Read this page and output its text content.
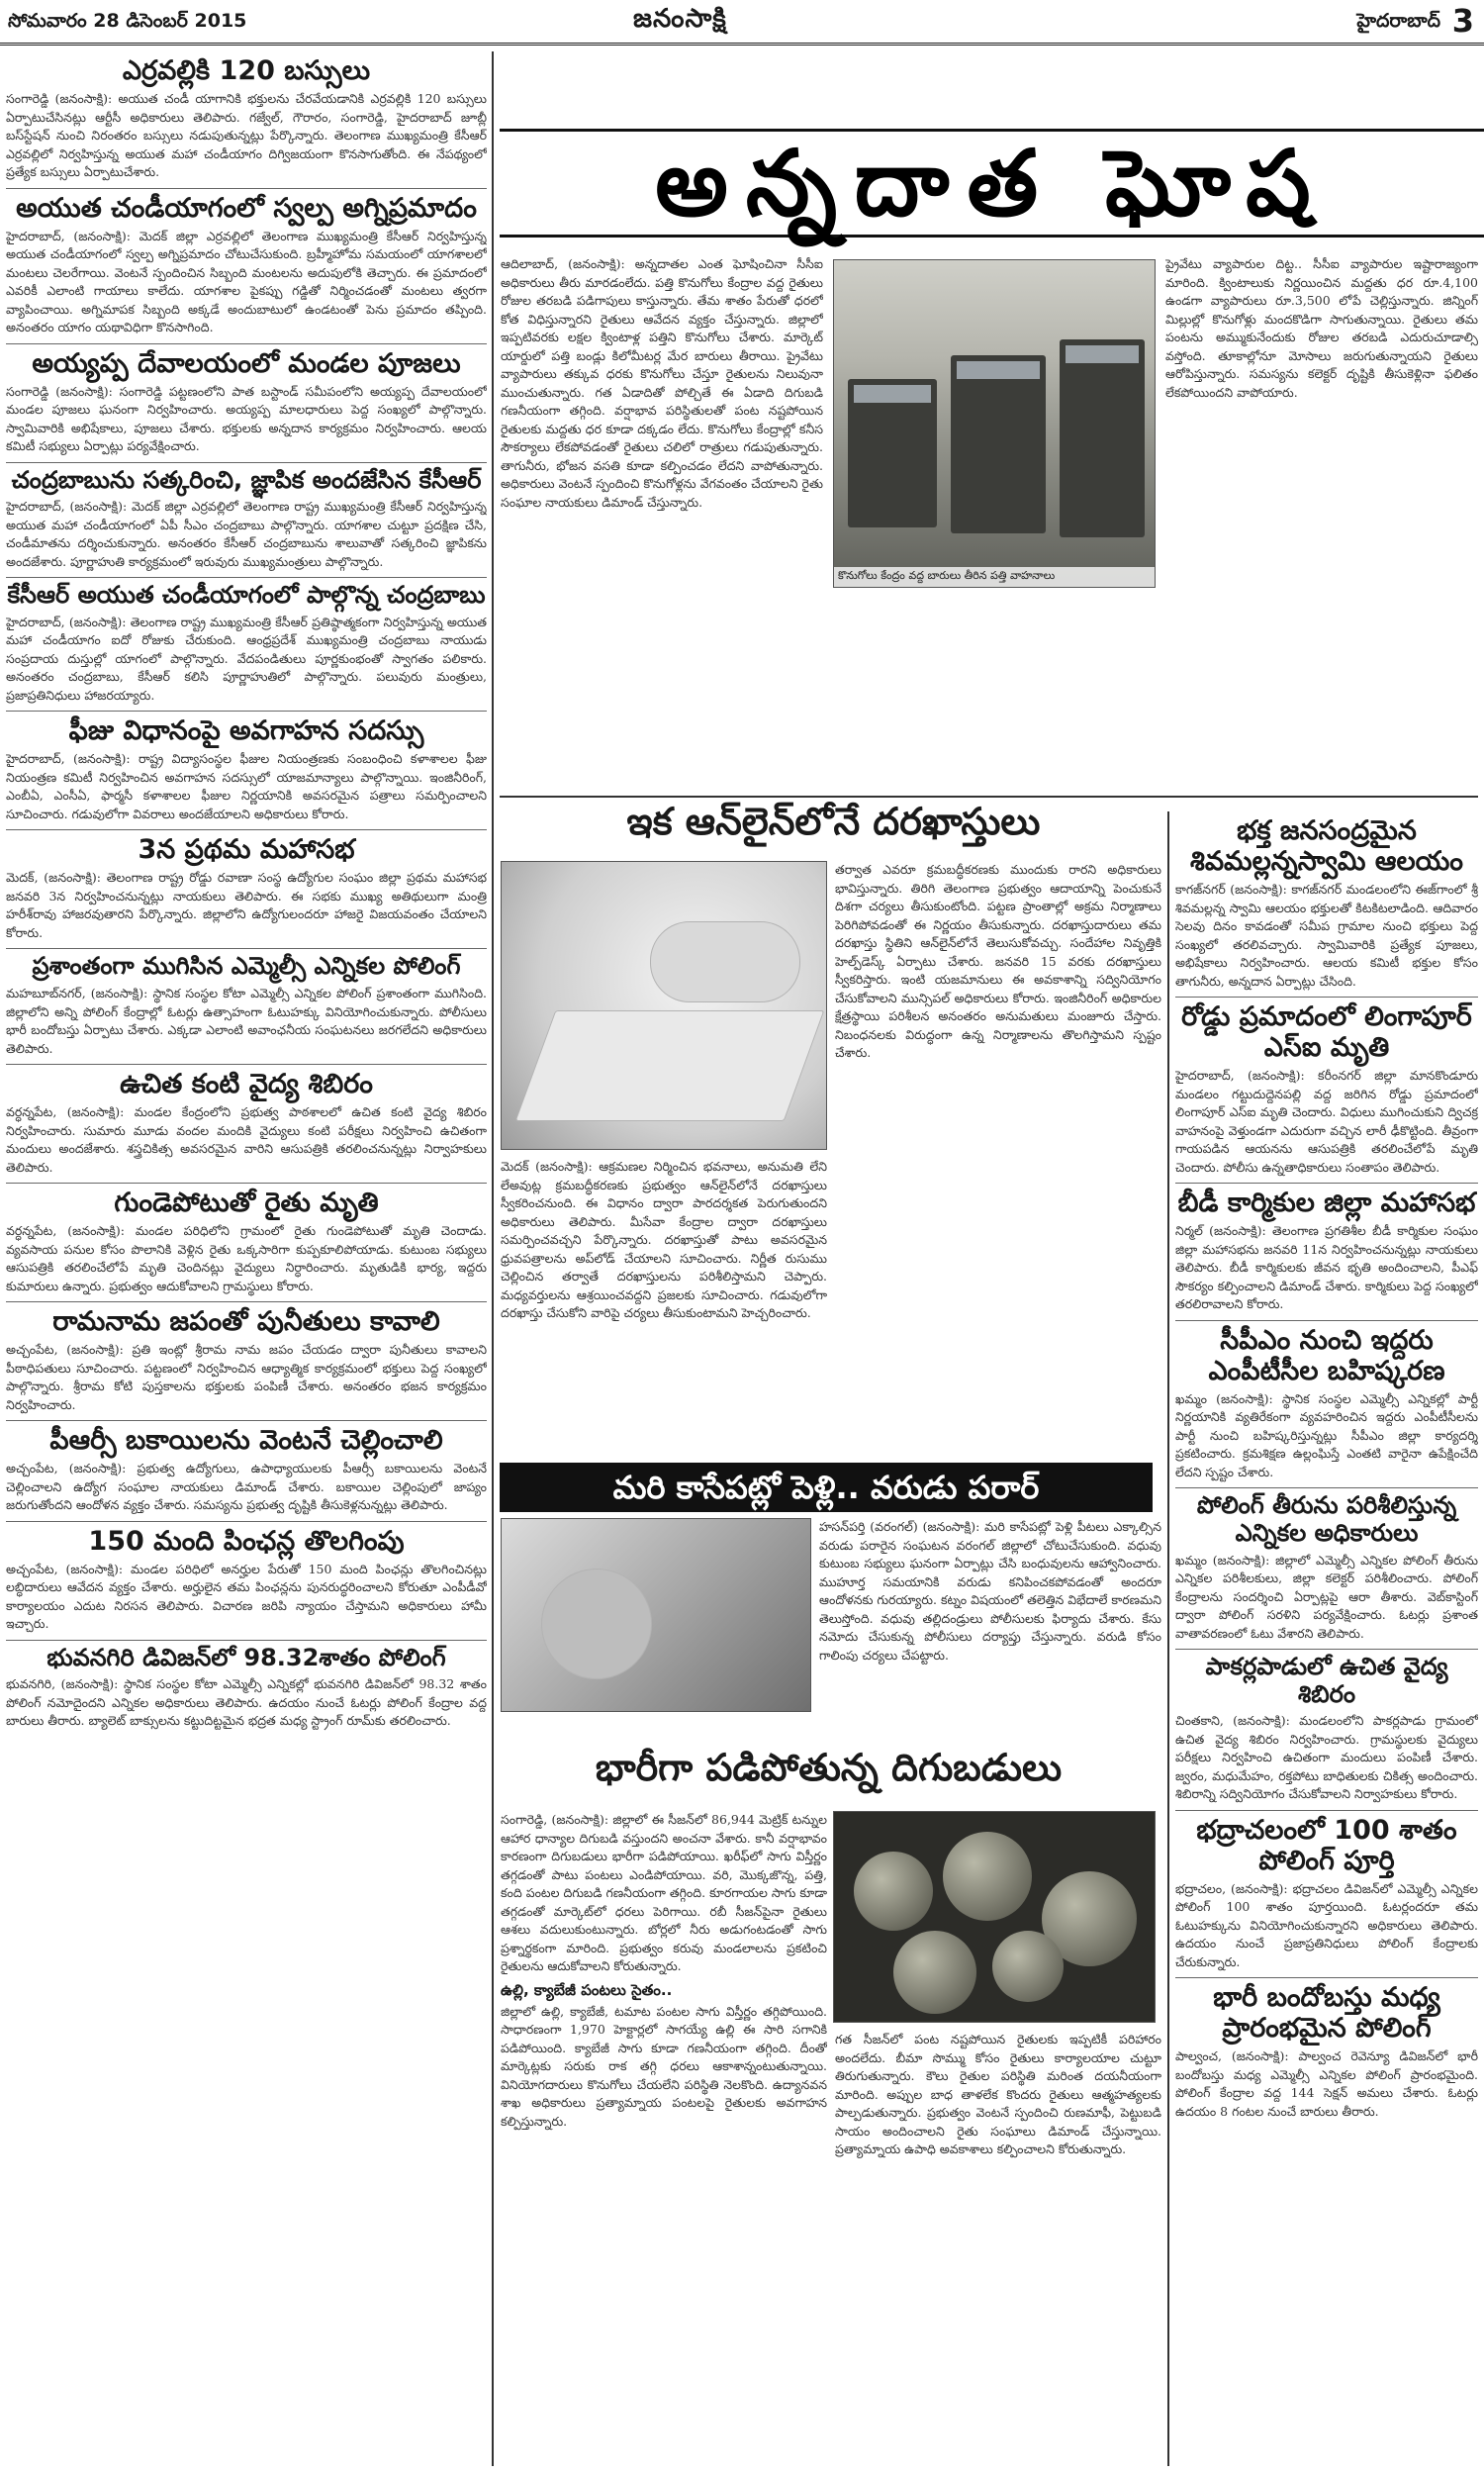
సోమవారం 28 డిసెంబర్ 2015	జనంసాక్షి	హైదరాబాద్ 3
ఎర్రవల్లికి 120 బస్సులు
సంగారెడ్డి (జనంసాక్షి): అయుత చండీ యాగానికి భక్తులను చేరవేయడానికి ఎర్రవల్లికి 120 బస్సులు ఏర్పాటుచేసినట్లు ఆర్టీసీ అధికారులు తెలిపారు. గజ్వేల్, గౌరారం, సంగారెడ్డి, హైదరాబాద్ జూబ్లీ బస్‌స్టేషన్ నుంచి నిరంతరం బస్సులు నడుపుతున్నట్లు పేర్కొన్నారు. తెలంగాణ ముఖ్యమంత్రి కేసీఆర్ ఎర్రవల్లిలో నిర్వహిస్తున్న అయుత మహా చండీయాగం దిగ్విజయంగా కొనసాగుతోంది. ఈ నేపథ్యంలో ప్రత్యేక బస్సులు ఏర్పాటుచేశారు.
అయుత చండీయాగంలో స్వల్ప అగ్నిప్రమాదం
హైదరాబాద్, (జనంసాక్షి): మెదక్ జిల్లా ఎర్రవల్లిలో తెలంగాణ ముఖ్యమంత్రి కేసీఆర్ నిర్వహిస్తున్న అయుత చండీయాగంలో స్వల్ప అగ్నిప్రమాదం చోటుచేసుకుంది. బ్రహ్మీహోమ సమయంలో యాగశాలలో మంటలు చెలరేగాయి. వెంటనే స్పందించిన సిబ్బంది మంటలను అదుపులోకి తెచ్చారు. ఈ ప్రమాదంలో ఎవరికీ ఎలాంటి గాయాలు కాలేదు. యాగశాల పైకప్పు గడ్డితో నిర్మించడంతో మంటలు త్వరగా వ్యాపించాయి. అగ్నిమాపక సిబ్బంది అక్కడే అందుబాటులో ఉండటంతో పెను ప్రమాదం తప్పింది. అనంతరం యాగం యథావిధిగా కొనసాగింది.
అయ్యప్ప దేవాలయంలో మండల పూజలు
సంగారెడ్డి (జనంసాక్షి): సంగారెడ్డి పట్టణంలోని పాత బస్టాండ్ సమీపంలోని అయ్యప్ప దేవాలయంలో మండల పూజలు ఘనంగా నిర్వహించారు. అయ్యప్ప మాలధారులు పెద్ద సంఖ్యలో పాల్గొన్నారు. స్వామివారికి అభిషేకాలు, పూజలు చేశారు. భక్తులకు అన్నదాన కార్యక్రమం నిర్వహించారు. ఆలయ కమిటీ సభ్యులు ఏర్పాట్లు పర్యవేక్షించారు.
చంద్రబాబును సత్కరించి, జ్ఞాపిక అందజేసిన కేసీఆర్
హైదరాబాద్, (జనంసాక్షి): మెదక్ జిల్లా ఎర్రవల్లిలో తెలంగాణ రాష్ట్ర ముఖ్యమంత్రి కేసీఆర్ నిర్వహిస్తున్న అయుత మహా చండీయాగంలో ఏపీ సీఎం చంద్రబాబు పాల్గొన్నారు. యాగశాల చుట్టూ ప్రదక్షిణ చేసి, చండీమాతను దర్శించుకున్నారు. అనంతరం కేసీఆర్ చంద్రబాబును శాలువాతో సత్కరించి జ్ఞాపికను అందజేశారు. పూర్ణాహుతి కార్యక్రమంలో ఇరువురు ముఖ్యమంత్రులు పాల్గొన్నారు.
కేసీఆర్ అయుత చండీయాగంలో పాల్గొన్న చంద్రబాబు
హైదరాబాద్, (జనంసాక్షి): తెలంగాణ రాష్ట్ర ముఖ్యమంత్రి కేసీఆర్ ప్రతిష్ఠాత్మకంగా నిర్వహిస్తున్న అయుత మహా చండీయాగం ఐదో రోజుకు చేరుకుంది. ఆంధ్రప్రదేశ్ ముఖ్యమంత్రి చంద్రబాబు నాయుడు సంప్రదాయ దుస్తుల్లో యాగంలో పాల్గొన్నారు. వేదపండితులు పూర్ణకుంభంతో స్వాగతం పలికారు. అనంతరం చంద్రబాబు, కేసీఆర్ కలిసి పూర్ణాహుతిలో పాల్గొన్నారు. పలువురు మంత్రులు, ప్రజాప్రతినిధులు హాజరయ్యారు.
ఫీజు విధానంపై అవగాహన సదస్సు
హైదరాబాద్, (జనంసాక్షి): రాష్ట్ర విద్యాసంస్థల ఫీజుల నియంత్రణకు సంబంధించి కళాశాలల ఫీజు నియంత్రణ కమిటీ నిర్వహించిన అవగాహన సదస్సులో యాజమాన్యాలు పాల్గొన్నాయి. ఇంజినీరింగ్, ఎంబీఏ, ఎంసీఏ, ఫార్మసీ కళాశాలల ఫీజుల నిర్ణయానికి అవసరమైన పత్రాలు సమర్పించాలని సూచించారు. గడువులోగా వివరాలు అందజేయాలని అధికారులు కోరారు.
3న ప్రథమ మహాసభ
మెదక్, (జనంసాక్షి): తెలంగాణ రాష్ట్ర రోడ్డు రవాణా సంస్థ ఉద్యోగుల సంఘం జిల్లా ప్రథమ మహాసభ జనవరి 3న నిర్వహించనున్నట్లు నాయకులు తెలిపారు. ఈ సభకు ముఖ్య అతిథులుగా మంత్రి హరీశ్‌రావు హాజరవుతారని పేర్కొన్నారు. జిల్లాలోని ఉద్యోగులందరూ హాజరై విజయవంతం చేయాలని కోరారు.
ప్రశాంతంగా ముగిసిన ఎమ్మెల్సీ ఎన్నికల పోలింగ్
మహబూబ్‌నగర్, (జనంసాక్షి): స్థానిక సంస్థల కోటా ఎమ్మెల్సీ ఎన్నికల పోలింగ్ ప్రశాంతంగా ముగిసింది. జిల్లాలోని అన్ని పోలింగ్ కేంద్రాల్లో ఓటర్లు ఉత్సాహంగా ఓటుహక్కు వినియోగించుకున్నారు. పోలీసులు భారీ బందోబస్తు ఏర్పాటు చేశారు. ఎక్కడా ఎలాంటి అవాంఛనీయ సంఘటనలు జరగలేదని అధికారులు తెలిపారు.
ఉచిత కంటి వైద్య శిబిరం
వర్ధన్నపేట, (జనంసాక్షి): మండల కేంద్రంలోని ప్రభుత్వ పాఠశాలలో ఉచిత కంటి వైద్య శిబిరం నిర్వహించారు. సుమారు మూడు వందల మందికి వైద్యులు కంటి పరీక్షలు నిర్వహించి ఉచితంగా మందులు అందజేశారు. శస్త్రచికిత్స అవసరమైన వారిని ఆసుపత్రికి తరలించనున్నట్లు నిర్వాహకులు తెలిపారు.
గుండెపోటుతో రైతు మృతి
వర్ధన్నపేట, (జనంసాక్షి): మండల పరిధిలోని గ్రామంలో రైతు గుండెపోటుతో మృతి చెందాడు. వ్యవసాయ పనుల కోసం పొలానికి వెళ్లిన రైతు ఒక్కసారిగా కుప్పకూలిపోయాడు. కుటుంబ సభ్యులు ఆసుపత్రికి తరలించేలోపే మృతి చెందినట్లు వైద్యులు నిర్ధారించారు. మృతుడికి భార్య, ఇద్దరు కుమారులు ఉన్నారు. ప్రభుత్వం ఆదుకోవాలని గ్రామస్థులు కోరారు.
రామనామ జపంతో పునీతులు కావాలి
అచ్చంపేట, (జనంసాక్షి): ప్రతి ఇంట్లో శ్రీరామ నామ జపం చేయడం ద్వారా పునీతులు కావాలని పీఠాధిపతులు సూచించారు. పట్టణంలో నిర్వహించిన ఆధ్యాత్మిక కార్యక్రమంలో భక్తులు పెద్ద సంఖ్యలో పాల్గొన్నారు. శ్రీరామ కోటి పుస్తకాలను భక్తులకు పంపిణీ చేశారు. అనంతరం భజన కార్యక్రమం నిర్వహించారు.
పీఆర్సీ బకాయిలను వెంటనే చెల్లించాలి
అచ్చంపేట, (జనంసాక్షి): ప్రభుత్వ ఉద్యోగులు, ఉపాధ్యాయులకు పీఆర్సీ బకాయిలను వెంటనే చెల్లించాలని ఉద్యోగ సంఘాల నాయకులు డిమాండ్ చేశారు. బకాయిల చెల్లింపులో జాప్యం జరుగుతోందని ఆందోళన వ్యక్తం చేశారు. సమస్యను ప్రభుత్వ దృష్టికి తీసుకెళ్లనున్నట్లు తెలిపారు.
150 మంది పింఛన్ల తొలగింపు
అచ్చంపేట, (జనంసాక్షి): మండల పరిధిలో అనర్హుల పేరుతో 150 మంది పింఛన్లు తొలగించినట్లు లబ్ధిదారులు ఆవేదన వ్యక్తం చేశారు. అర్హులైన తమ పింఛన్లను పునరుద్ధరించాలని కోరుతూ ఎంపీడీవో కార్యాలయం ఎదుట నిరసన తెలిపారు. విచారణ జరిపి న్యాయం చేస్తామని అధికారులు హామీ ఇచ్చారు.
భువనగిరి డివిజన్‌లో 98.32శాతం పోలింగ్
భువనగిరి, (జనంసాక్షి): స్థానిక సంస్థల కోటా ఎమ్మెల్సీ ఎన్నికల్లో భువనగిరి డివిజన్‌లో 98.32 శాతం పోలింగ్ నమోదైందని ఎన్నికల అధికారులు తెలిపారు. ఉదయం నుంచే ఓటర్లు పోలింగ్ కేంద్రాల వద్ద బారులు తీరారు. బ్యాలెట్ బాక్సులను కట్టుదిట్టమైన భద్రత మధ్య స్ట్రాంగ్ రూమ్‌కు తరలించారు.
అన్నదాత ఘోష
ఆదిలాబాద్, (జనంసాక్షి): అన్నదాతల ఎంత ఘోషించినా సీసీఐ అధికారులు తీరు మారడంలేదు. పత్తి కొనుగోలు కేంద్రాల వద్ద రైతులు రోజుల తరబడి పడిగాపులు కాస్తున్నారు. తేమ శాతం పేరుతో ధరలో కోత విధిస్తున్నారని రైతులు ఆవేదన వ్యక్తం చేస్తున్నారు. జిల్లాలో ఇప్పటివరకు లక్షల క్వింటాళ్ల పత్తిని కొనుగోలు చేశారు. మార్కెట్ యార్డులో పత్తి బండ్లు కిలోమీటర్ల మేర బారులు తీరాయి. ప్రైవేటు వ్యాపారులు తక్కువ ధరకు కొనుగోలు చేస్తూ రైతులను నిలువునా ముంచుతున్నారు. గత ఏడాదితో పోల్చితే ఈ ఏడాది దిగుబడి గణనీయంగా తగ్గింది. వర్షాభావ పరిస్థితులతో పంట నష్టపోయిన రైతులకు మద్దతు ధర కూడా దక్కడం లేదు. కొనుగోలు కేంద్రాల్లో కనీస సౌకర్యాలు లేకపోవడంతో రైతులు చలిలో రాత్రులు గడుపుతున్నారు. తాగునీరు, భోజన వసతి కూడా కల్పించడం లేదని వాపోతున్నారు. అధికారులు వెంటనే స్పందించి కొనుగోళ్లను వేగవంతం చేయాలని రైతు సంఘాల నాయకులు డిమాండ్ చేస్తున్నారు.
కొనుగోలు కేంద్రం వద్ద బారులు తీరిన పత్తి వాహనాలు
ప్రైవేటు వ్యాపారుల దిట్ట.. సీసీఐ వ్యాపారుల ఇష్టారాజ్యంగా మారింది. క్వింటాలుకు నిర్ణయించిన మద్దతు ధర రూ.4,100 ఉండగా వ్యాపారులు రూ.3,500 లోపే చెల్లిస్తున్నారు. జిన్నింగ్ మిల్లుల్లో కొనుగోళ్లు మందకొడిగా సాగుతున్నాయి. రైతులు తమ పంటను అమ్ముకునేందుకు రోజుల తరబడి ఎదురుచూడాల్సి వస్తోంది. తూకాల్లోనూ మోసాలు జరుగుతున్నాయని రైతులు ఆరోపిస్తున్నారు. సమస్యను కలెక్టర్ దృష్టికి తీసుకెళ్లినా ఫలితం లేకపోయిందని వాపోయారు.
ఇక ఆన్‌లైన్‌లోనే దరఖాస్తులు
మెదక్ (జనంసాక్షి): ఆక్రమణల నిర్మించిన భవనాలు, అనుమతి లేని లేఅవుట్ల క్రమబద్ధీకరణకు ప్రభుత్వం ఆన్‌లైన్‌లోనే దరఖాస్తులు స్వీకరించనుంది. ఈ విధానం ద్వారా పారదర్శకత పెరుగుతుందని అధికారులు తెలిపారు. మీసేవా కేంద్రాల ద్వారా దరఖాస్తులు సమర్పించవచ్చని పేర్కొన్నారు. దరఖాస్తుతో పాటు అవసరమైన ధ్రువపత్రాలను అప్‌లోడ్ చేయాలని సూచించారు. నిర్ణీత రుసుము చెల్లించిన తర్వాతే దరఖాస్తులను పరిశీలిస్తామని చెప్పారు. మధ్యవర్తులను ఆశ్రయించవద్దని ప్రజలకు సూచించారు. గడువులోగా దరఖాస్తు చేసుకోని వారిపై చర్యలు తీసుకుంటామని హెచ్చరించారు.
తర్వాత ఎవరూ క్రమబద్ధీకరణకు ముందుకు రారని అధికారులు భావిస్తున్నారు. తిరిగి తెలంగాణ ప్రభుత్వం ఆదాయాన్ని పెంచుకునే దిశగా చర్యలు తీసుకుంటోంది. పట్టణ ప్రాంతాల్లో అక్రమ నిర్మాణాలు పెరిగిపోవడంతో ఈ నిర్ణయం తీసుకున్నారు. దరఖాస్తుదారులు తమ దరఖాస్తు స్థితిని ఆన్‌లైన్‌లోనే తెలుసుకోవచ్చు. సందేహాల నివృత్తికి హెల్ప్‌డెస్క్ ఏర్పాటు చేశారు. జనవరి 15 వరకు దరఖాస్తులు స్వీకరిస్తారు. ఇంటి యజమానులు ఈ అవకాశాన్ని సద్వినియోగం చేసుకోవాలని మున్సిపల్ అధికారులు కోరారు. ఇంజినీరింగ్ అధికారుల క్షేత్రస్థాయి పరిశీలన అనంతరం అనుమతులు మంజూరు చేస్తారు. నిబంధనలకు విరుద్ధంగా ఉన్న నిర్మాణాలను తొలగిస్తామని స్పష్టం చేశారు.
మరి కాసేపట్లో పెళ్లి.. వరుడు పరార్
హసన్‌పర్తి (వరంగల్) (జనంసాక్షి): మరి కాసేపట్లో పెళ్లి పీటలు ఎక్కాల్సిన వరుడు పరారైన సంఘటన వరంగల్ జిల్లాలో చోటుచేసుకుంది. వధువు కుటుంబ సభ్యులు ఘనంగా ఏర్పాట్లు చేసి బంధువులను ఆహ్వానించారు. ముహూర్త సమయానికి వరుడు కనిపించకపోవడంతో అందరూ ఆందోళనకు గురయ్యారు. కట్నం విషయంలో తలెత్తిన విభేదాలే కారణమని తెలుస్తోంది. వధువు తల్లిదండ్రులు పోలీసులకు ఫిర్యాదు చేశారు. కేసు నమోదు చేసుకున్న పోలీసులు దర్యాప్తు చేస్తున్నారు. వరుడి కోసం గాలింపు చర్యలు చేపట్టారు.
భారీగా పడిపోతున్న దిగుబడులు
సంగారెడ్డి, (జనంసాక్షి): జిల్లాలో ఈ సీజన్‌లో 86,944 మెట్రిక్ టన్నుల ఆహార ధాన్యాల దిగుబడి వస్తుందని అంచనా వేశారు. కానీ వర్షాభావం కారణంగా దిగుబడులు భారీగా పడిపోయాయి. ఖరీఫ్‌లో సాగు విస్తీర్ణం తగ్గడంతో పాటు పంటలు ఎండిపోయాయి. వరి, మొక్కజొన్న, పత్తి, కంది పంటల దిగుబడి గణనీయంగా తగ్గింది. కూరగాయల సాగు కూడా తగ్గడంతో మార్కెట్‌లో ధరలు పెరిగాయి. రబీ సీజన్‌పైనా రైతులు ఆశలు వదులుకుంటున్నారు. బోర్లలో నీరు అడుగంటడంతో సాగు ప్రశ్నార్థకంగా మారింది. ప్రభుత్వం కరువు మండలాలను ప్రకటించి రైతులను ఆదుకోవాలని కోరుతున్నారు.
ఉల్లి, క్యాబేజీ పంటలు సైతం..
జిల్లాలో ఉల్లి, క్యాబేజీ, టమాట పంటల సాగు విస్తీర్ణం తగ్గిపోయింది. సాధారణంగా 1,970 హెక్టార్లలో సాగయ్యే ఉల్లి ఈ సారి సగానికి పడిపోయింది. క్యాబేజీ సాగు కూడా గణనీయంగా తగ్గింది. దీంతో మార్కెట్లకు సరుకు రాక తగ్గి ధరలు ఆకాశాన్నంటుతున్నాయి. వినియోగదారులు కొనుగోలు చేయలేని పరిస్థితి నెలకొంది. ఉద్యానవన శాఖ అధికారులు ప్రత్యామ్నాయ పంటలపై రైతులకు అవగాహన కల్పిస్తున్నారు.
గత సీజన్‌లో పంట నష్టపోయిన రైతులకు ఇప్పటికీ పరిహారం అందలేదు. బీమా సొమ్ము కోసం రైతులు కార్యాలయాల చుట్టూ తిరుగుతున్నారు. కౌలు రైతుల పరిస్థితి మరింత దయనీయంగా మారింది. అప్పుల బాధ తాళలేక కొందరు రైతులు ఆత్మహత్యలకు పాల్పడుతున్నారు. ప్రభుత్వం వెంటనే స్పందించి రుణమాఫీ, పెట్టుబడి సాయం అందించాలని రైతు సంఘాలు డిమాండ్ చేస్తున్నాయి. ప్రత్యామ్నాయ ఉపాధి అవకాశాలు కల్పించాలని కోరుతున్నారు.
భక్త జనసంద్రమైన శివమల్లన్నస్వామి ఆలయం
కాగజ్‌నగర్ (జనంసాక్షి): కాగజ్‌నగర్ మండలంలోని ఈజ్‌గాంలో శ్రీ శివమల్లన్న స్వామి ఆలయం భక్తులతో కిటకిటలాడింది. ఆదివారం సెలవు దినం కావడంతో సమీప గ్రామాల నుంచి భక్తులు పెద్ద సంఖ్యలో తరలివచ్చారు. స్వామివారికి ప్రత్యేక పూజలు, అభిషేకాలు నిర్వహించారు. ఆలయ కమిటీ భక్తుల కోసం తాగునీరు, అన్నదాన ఏర్పాట్లు చేసింది.
రోడ్డు ప్రమాదంలో లింగాపూర్ ఎస్ఐ మృతి
హైదరాబాద్, (జనంసాక్షి): కరీంనగర్ జిల్లా మానకొండూరు మండలం గట్టుదుద్దెనపల్లి వద్ద జరిగిన రోడ్డు ప్రమాదంలో లింగాపూర్ ఎస్ఐ మృతి చెందారు. విధులు ముగించుకుని ద్విచక్ర వాహనంపై వెళ్తుండగా ఎదురుగా వచ్చిన లారీ ఢీకొట్టింది. తీవ్రంగా గాయపడిన ఆయనను ఆసుపత్రికి తరలించేలోపే మృతి చెందారు. పోలీసు ఉన్నతాధికారులు సంతాపం తెలిపారు.
బీడీ కార్మికుల జిల్లా మహాసభ
నిర్మల్ (జనంసాక్షి): తెలంగాణ ప్రగతిశీల బీడీ కార్మికుల సంఘం జిల్లా మహాసభను జనవరి 11న నిర్వహించనున్నట్లు నాయకులు తెలిపారు. బీడీ కార్మికులకు జీవన భృతి అందించాలని, పీఎఫ్ సౌకర్యం కల్పించాలని డిమాండ్ చేశారు. కార్మికులు పెద్ద సంఖ్యలో తరలిరావాలని కోరారు.
సీపీఎం నుంచి ఇద్దరు ఎంపీటీసీల బహిష్కరణ
ఖమ్మం (జనంసాక్షి): స్థానిక సంస్థల ఎమ్మెల్సీ ఎన్నికల్లో పార్టీ నిర్ణయానికి వ్యతిరేకంగా వ్యవహరించిన ఇద్దరు ఎంపీటీసీలను పార్టీ నుంచి బహిష్కరిస్తున్నట్లు సీపీఎం జిల్లా కార్యదర్శి ప్రకటించారు. క్రమశిక్షణ ఉల్లంఘిస్తే ఎంతటి వారైనా ఉపేక్షించేది లేదని స్పష్టం చేశారు.
పోలింగ్ తీరును పరిశీలిస్తున్న ఎన్నికల అధికారులు
ఖమ్మం (జనంసాక్షి): జిల్లాలో ఎమ్మెల్సీ ఎన్నికల పోలింగ్ తీరును ఎన్నికల పరిశీలకులు, జిల్లా కలెక్టర్ పరిశీలించారు. పోలింగ్ కేంద్రాలను సందర్శించి ఏర్పాట్లపై ఆరా తీశారు. వెబ్‌కాస్టింగ్ ద్వారా పోలింగ్ సరళిని పర్యవేక్షించారు. ఓటర్లు ప్రశాంత వాతావరణంలో ఓటు వేశారని తెలిపారు.
పాకర్లపాడులో ఉచిత వైద్య శిబిరం
చింతకాని, (జనంసాక్షి): మండలంలోని పాకర్లపాడు గ్రామంలో ఉచిత వైద్య శిబిరం నిర్వహించారు. గ్రామస్థులకు వైద్యులు పరీక్షలు నిర్వహించి ఉచితంగా మందులు పంపిణీ చేశారు. జ్వరం, మధుమేహం, రక్తపోటు బాధితులకు చికిత్స అందించారు. శిబిరాన్ని సద్వినియోగం చేసుకోవాలని నిర్వాహకులు కోరారు.
భద్రాచలంలో 100 శాతం పోలింగ్ పూర్తి
భద్రాచలం, (జనంసాక్షి): భద్రాచలం డివిజన్‌లో ఎమ్మెల్సీ ఎన్నికల పోలింగ్ 100 శాతం పూర్తయింది. ఓటర్లందరూ తమ ఓటుహక్కును వినియోగించుకున్నారని అధికారులు తెలిపారు. ఉదయం నుంచే ప్రజాప్రతినిధులు పోలింగ్ కేంద్రాలకు చేరుకున్నారు.
భారీ బందోబస్తు మధ్య ప్రారంభమైన పోలింగ్
పాల్వంచ, (జనంసాక్షి): పాల్వంచ రెవెన్యూ డివిజన్‌లో భారీ బందోబస్తు మధ్య ఎమ్మెల్సీ ఎన్నికల పోలింగ్ ప్రారంభమైంది. పోలింగ్ కేంద్రాల వద్ద 144 సెక్షన్ అమలు చేశారు. ఓటర్లు ఉదయం 8 గంటల నుంచే బారులు తీరారు.
